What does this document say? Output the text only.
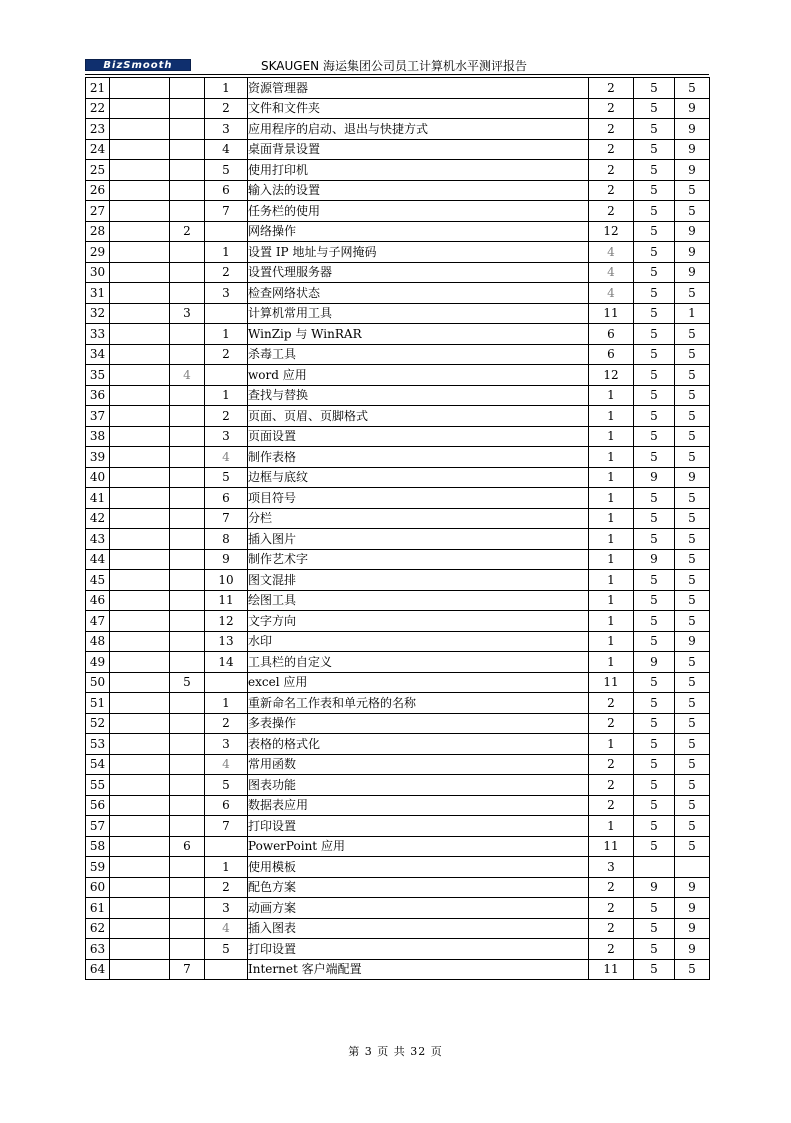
BizSmooth	SKAUGEN 海运集团公司员工计算机水平测评报告
21			1	资源管理器	2	5	5
22			2	文件和文件夹	2	5	9
23			3	应用程序的启动、退出与快捷方式	2	5	9
24			4	桌面背景设置	2	5	9
25			5	使用打印机	2	5	9
26			6	输入法的设置	2	5	5
27			7	任务栏的使用	2	5	5
28		2		网络操作	12	5	9
29			1	设置 IP 地址与子网掩码	4	5	9
30			2	设置代理服务器	4	5	9
31			3	检查网络状态	4	5	5
32		3		计算机常用工具	11	5	1
33			1	WinZip 与 WinRAR	6	5	5
34			2	杀毒工具	6	5	5
35		4		word 应用	12	5	5
36			1	查找与替换	1	5	5
37			2	页面、页眉、页脚格式	1	5	5
38			3	页面设置	1	5	5
39			4	制作表格	1	5	5
40			5	边框与底纹	1	9	9
41			6	项目符号	1	5	5
42			7	分栏	1	5	5
43			8	插入图片	1	5	5
44			9	制作艺术字	1	9	5
45			10	图文混排	1	5	5
46			11	绘图工具	1	5	5
47			12	文字方向	1	5	5
48			13	水印	1	5	9
49			14	工具栏的自定义	1	9	5
50		5		excel 应用	11	5	5
51			1	重新命名工作表和单元格的名称	2	5	5
52			2	多表操作	2	5	5
53			3	表格的格式化	1	5	5
54			4	常用函数	2	5	5
55			5	图表功能	2	5	5
56			6	数据表应用	2	5	5
57			7	打印设置	1	5	5
58		6		PowerPoint 应用	11	5	5
59			1	使用模板	3		
60			2	配色方案	2	9	9
61			3	动画方案	2	5	9
62			4	插入图表	2	5	9
63			5	打印设置	2	5	9
64		7		Internet 客户端配置	11	5	5
第 3 页 共 32 页
